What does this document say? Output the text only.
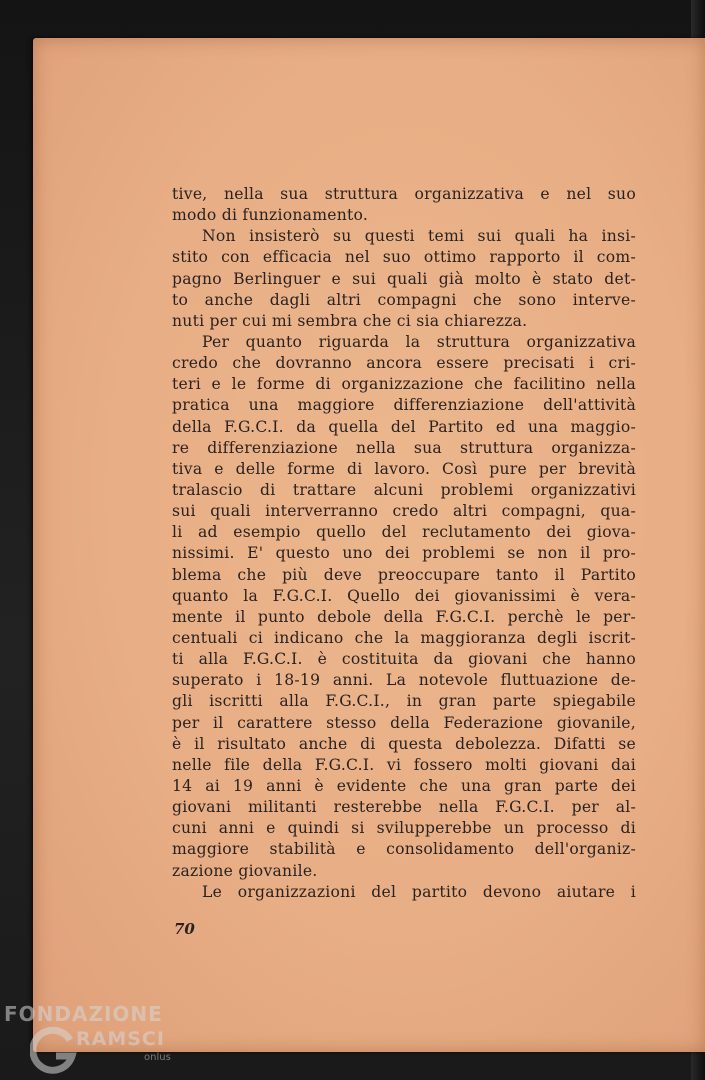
tive, nella sua struttura organizzativa e nel suo
modo di funzionamento.
Non insisterò su questi temi sui quali ha insi-
stito con efficacia nel suo ottimo rapporto il com-
pagno Berlinguer e sui quali già molto è stato det-
to anche dagli altri compagni che sono interve-
nuti per cui mi sembra che ci sia chiarezza.
Per quanto riguarda la struttura organizzativa
credo che dovranno ancora essere precisati i cri-
teri e le forme di organizzazione che facilitino nella
pratica una maggiore differenziazione dell'attività
della F.G.C.I. da quella del Partito ed una maggio-
re differenziazione nella sua struttura organizza-
tiva e delle forme di lavoro. Così pure per brevità
tralascio di trattare alcuni problemi organizzativi
sui quali interverranno credo altri compagni, qua-
li ad esempio quello del reclutamento dei giova-
nissimi. E' questo uno dei problemi se non il pro-
blema che più deve preoccupare tanto il Partito
quanto la F.G.C.I. Quello dei giovanissimi è vera-
mente il punto debole della F.G.C.I. perchè le per-
centuali ci indicano che la maggioranza degli iscrit-
ti alla F.G.C.I. è costituita da giovani che hanno
superato i 18-19 anni. La notevole fluttuazione de-
gli iscritti alla F.G.C.I., in gran parte spiegabile
per il carattere stesso della Federazione giovanile,
è il risultato anche di questa debolezza. Difatti se
nelle file della F.G.C.I. vi fossero molti giovani dai
14 ai 19 anni è evidente che una gran parte dei
giovani militanti resterebbe nella F.G.C.I. per al-
cuni anni e quindi si svilupperebbe un processo di
maggiore stabilità e consolidamento dell'organiz-
zazione giovanile.
Le organizzazioni del partito devono aiutare i
70
FONDAZIONE
RAMSCI
onlus
